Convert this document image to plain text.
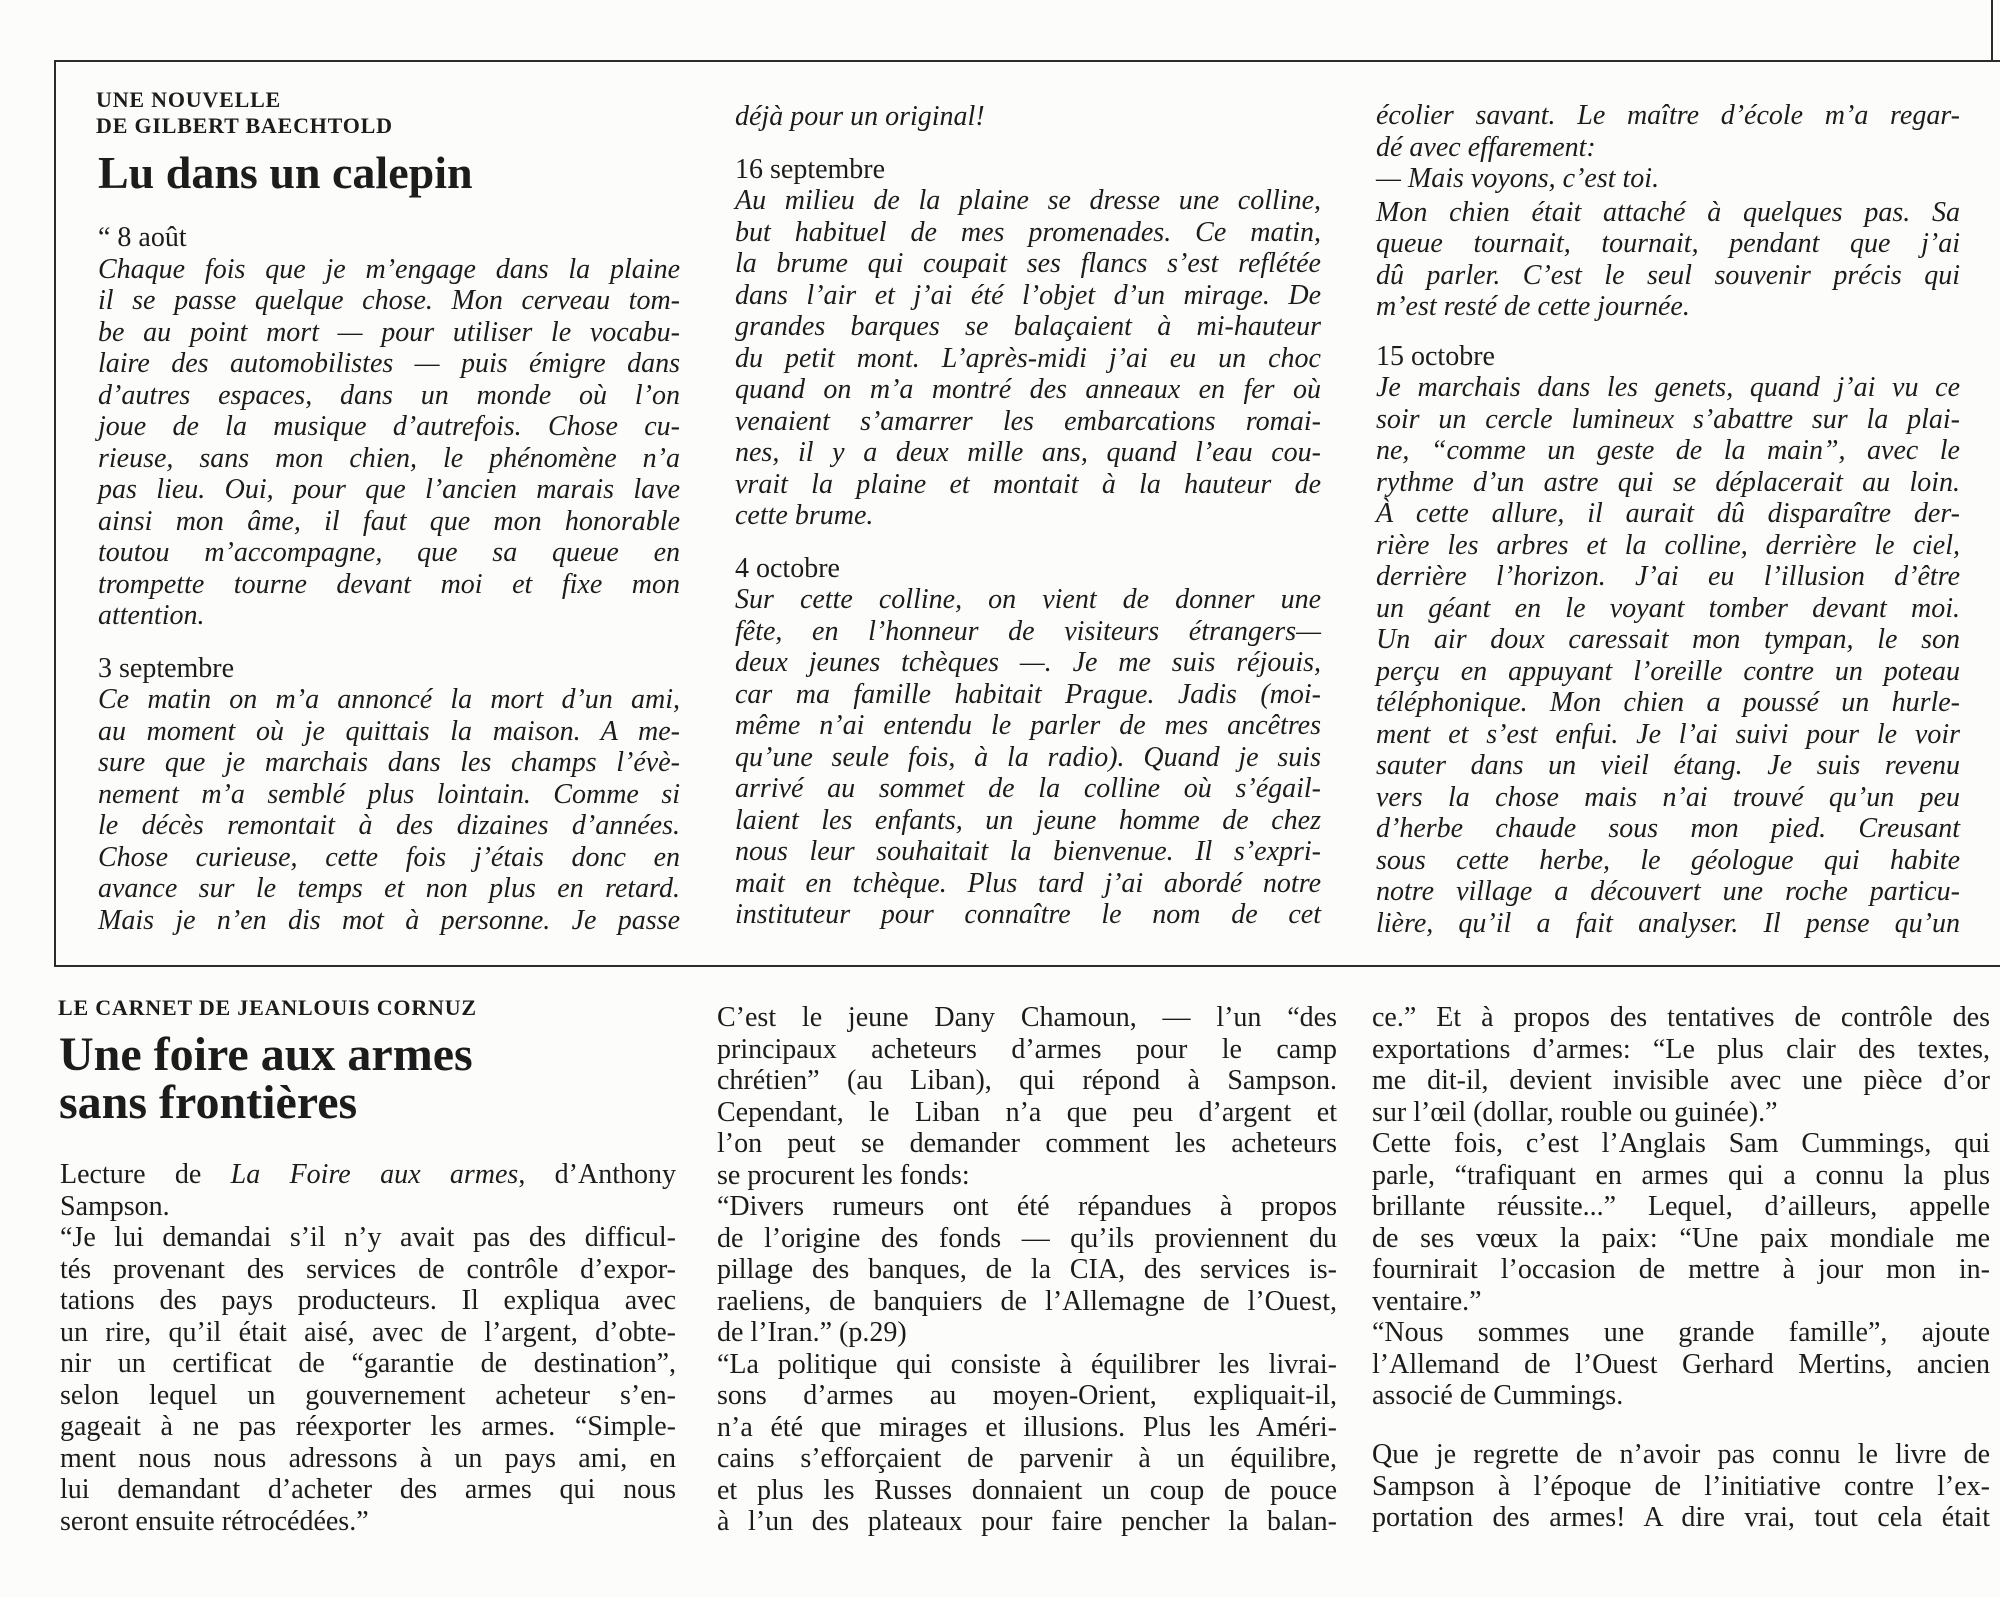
UNE NOUVELLE
DE GILBERT BAECHTOLD
Lu dans un calepin
“ 8 août
Chaque fois que je m’engage dans la plaine
il se passe quelque chose. Mon cerveau tom-
be au point mort — pour utiliser le vocabu-
laire des automobilistes — puis émigre dans
d’autres espaces, dans un monde où l’on
joue de la musique d’autrefois. Chose cu-
rieuse, sans mon chien, le phénomène n’a
pas lieu. Oui, pour que l’ancien marais lave
ainsi mon âme, il faut que mon honorable
toutou m’accompagne, que sa queue en
trompette tourne devant moi et fixe mon
attention.
3 septembre
Ce matin on m’a annoncé la mort d’un ami,
au moment où je quittais la maison. A me-
sure que je marchais dans les champs l’évè-
nement m’a semblé plus lointain. Comme si
le décès remontait à des dizaines d’années.
Chose curieuse, cette fois j’étais donc en
avance sur le temps et non plus en retard.
Mais je n’en dis mot à personne. Je passe
déjà pour un original!
16 septembre
Au milieu de la plaine se dresse une colline,
but habituel de mes promenades. Ce matin,
la brume qui coupait ses flancs s’est reflétée
dans l’air et j’ai été l’objet d’un mirage. De
grandes barques se balaçaient à mi-hauteur
du petit mont. L’après-midi j’ai eu un choc
quand on m’a montré des anneaux en fer où
venaient s’amarrer les embarcations romai-
nes, il y a deux mille ans, quand l’eau cou-
vrait la plaine et montait à la hauteur de
cette brume.
4 octobre
Sur cette colline, on vient de donner une
fête, en l’honneur de visiteurs étrangers—
deux jeunes tchèques —. Je me suis réjouis,
car ma famille habitait Prague. Jadis (moi-
même n’ai entendu le parler de mes ancêtres
qu’une seule fois, à la radio). Quand je suis
arrivé au sommet de la colline où s’égail-
laient les enfants, un jeune homme de chez
nous leur souhaitait la bienvenue. Il s’expri-
mait en tchèque. Plus tard j’ai abordé notre
instituteur pour connaître le nom de cet
écolier savant. Le maître d’école m’a regar-
dé avec effarement:
— Mais voyons, c’est toi.
Mon chien était attaché à quelques pas. Sa
queue tournait, tournait, pendant que j’ai
dû parler. C’est le seul souvenir précis qui
m’est resté de cette journée.
15 octobre
Je marchais dans les genets, quand j’ai vu ce
soir un cercle lumineux s’abattre sur la plai-
ne, “comme un geste de la main”, avec le
rythme d’un astre qui se déplacerait au loin.
À cette allure, il aurait dû disparaître der-
rière les arbres et la colline, derrière le ciel,
derrière l’horizon. J’ai eu l’illusion d’être
un géant en le voyant tomber devant moi.
Un air doux caressait mon tympan, le son
perçu en appuyant l’oreille contre un poteau
téléphonique. Mon chien a poussé un hurle-
ment et s’est enfui. Je l’ai suivi pour le voir
sauter dans un vieil étang. Je suis revenu
vers la chose mais n’ai trouvé qu’un peu
d’herbe chaude sous mon pied. Creusant
sous cette herbe, le géologue qui habite
notre village a découvert une roche particu-
lière, qu’il a fait analyser. Il pense qu’un
LE CARNET DE JEANLOUIS CORNUZ
Une foire aux armes
sans frontières
Lecture de La Foire aux armes, d’Anthony
Sampson.
“Je lui demandai s’il n’y avait pas des difficul-
tés provenant des services de contrôle d’expor-
tations des pays producteurs. Il expliqua avec
un rire, qu’il était aisé, avec de l’argent, d’obte-
nir un certificat de “garantie de destination”,
selon lequel un gouvernement acheteur s’en-
gageait à ne pas réexporter les armes. “Simple-
ment nous nous adressons à un pays ami, en
lui demandant d’acheter des armes qui nous
seront ensuite rétrocédées.”
C’est le jeune Dany Chamoun, — l’un “des
principaux acheteurs d’armes pour le camp
chrétien” (au Liban), qui répond à Sampson.
Cependant, le Liban n’a que peu d’argent et
l’on peut se demander comment les acheteurs
se procurent les fonds:
“Divers rumeurs ont été répandues à propos
de l’origine des fonds — qu’ils proviennent du
pillage des banques, de la CIA, des services is-
raeliens, de banquiers de l’Allemagne de l’Ouest,
de l’Iran.” (p.29)
“La politique qui consiste à équilibrer les livrai-
sons d’armes au moyen-Orient, expliquait-il,
n’a été que mirages et illusions. Plus les Améri-
cains s’efforçaient de parvenir à un équilibre,
et plus les Russes donnaient un coup de pouce
à l’un des plateaux pour faire pencher la balan-
ce.” Et à propos des tentatives de contrôle des
exportations d’armes: “Le plus clair des textes,
me dit-il, devient invisible avec une pièce d’or
sur l’œil (dollar, rouble ou guinée).”
Cette fois, c’est l’Anglais Sam Cummings, qui
parle, “trafiquant en armes qui a connu la plus
brillante réussite...” Lequel, d’ailleurs, appelle
de ses vœux la paix: “Une paix mondiale me
fournirait l’occasion de mettre à jour mon in-
ventaire.”
“Nous sommes une grande famille”, ajoute
l’Allemand de l’Ouest Gerhard Mertins, ancien
associé de Cummings.
Que je regrette de n’avoir pas connu le livre de
Sampson à l’époque de l’initiative contre l’ex-
portation des armes! A dire vrai, tout cela était
